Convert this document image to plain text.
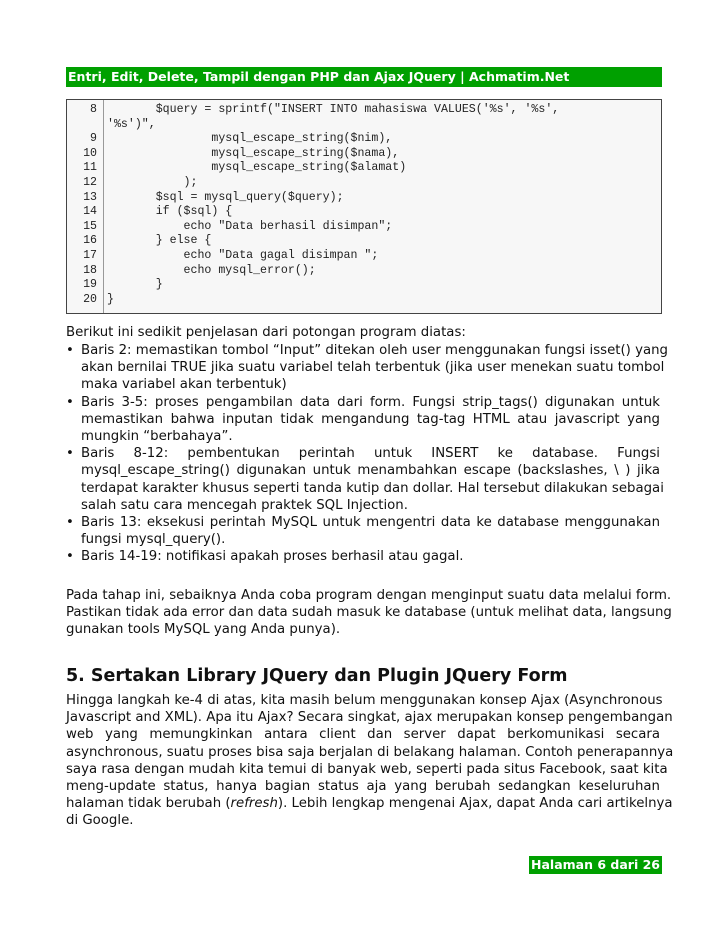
Entri, Edit, Delete, Tampil dengan PHP dan Ajax JQuery | Achmatim.Net
8 $query = sprintf("INSERT INTO mahasiswa VALUES('%s', '%s',
'%s')",
9 mysql_escape_string($nim),
10 mysql_escape_string($nama),
11 mysql_escape_string($alamat)
12 );
13 $sql = mysql_query($query);
14 if ($sql) {
15 echo "Data berhasil disimpan";
16 } else {
17 echo "Data gagal disimpan ";
18 echo mysql_error();
19 }
20 }
Berikut ini sedikit penjelasan dari potongan program diatas:
• Baris 2: memastikan tombol “Input” ditekan oleh user menggunakan fungsi isset() yang
akan bernilai TRUE jika suatu variabel telah terbentuk (jika user menekan suatu tombol
maka variabel akan terbentuk)
• Baris 3-5: proses pengambilan data dari form. Fungsi strip_tags() digunakan untuk
memastikan bahwa inputan tidak mengandung tag-tag HTML atau javascript yang
mungkin “berbahaya”.
• Baris 8-12: pembentukan perintah untuk INSERT ke database. Fungsi
mysql_escape_string() digunakan untuk menambahkan escape (backslashes, \ ) jika
terdapat karakter khusus seperti tanda kutip dan dollar. Hal tersebut dilakukan sebagai
salah satu cara mencegah praktek SQL Injection.
• Baris 13: eksekusi perintah MySQL untuk mengentri data ke database menggunakan
fungsi mysql_query().
• Baris 14-19: notifikasi apakah proses berhasil atau gagal.
Pada tahap ini, sebaiknya Anda coba program dengan menginput suatu data melalui form.
Pastikan tidak ada error dan data sudah masuk ke database (untuk melihat data, langsung
gunakan tools MySQL yang Anda punya).
5. Sertakan Library JQuery dan Plugin JQuery Form
Hingga langkah ke-4 di atas, kita masih belum menggunakan konsep Ajax (Asynchronous
Javascript and XML). Apa itu Ajax? Secara singkat, ajax merupakan konsep pengembangan
web yang memungkinkan antara client dan server dapat berkomunikasi secara
asynchronous, suatu proses bisa saja berjalan di belakang halaman. Contoh penerapannya
saya rasa dengan mudah kita temui di banyak web, seperti pada situs Facebook, saat kita
meng-update status, hanya bagian status aja yang berubah sedangkan keseluruhan
halaman tidak berubah (refresh). Lebih lengkap mengenai Ajax, dapat Anda cari artikelnya
di Google.
Halaman 6 dari 26
